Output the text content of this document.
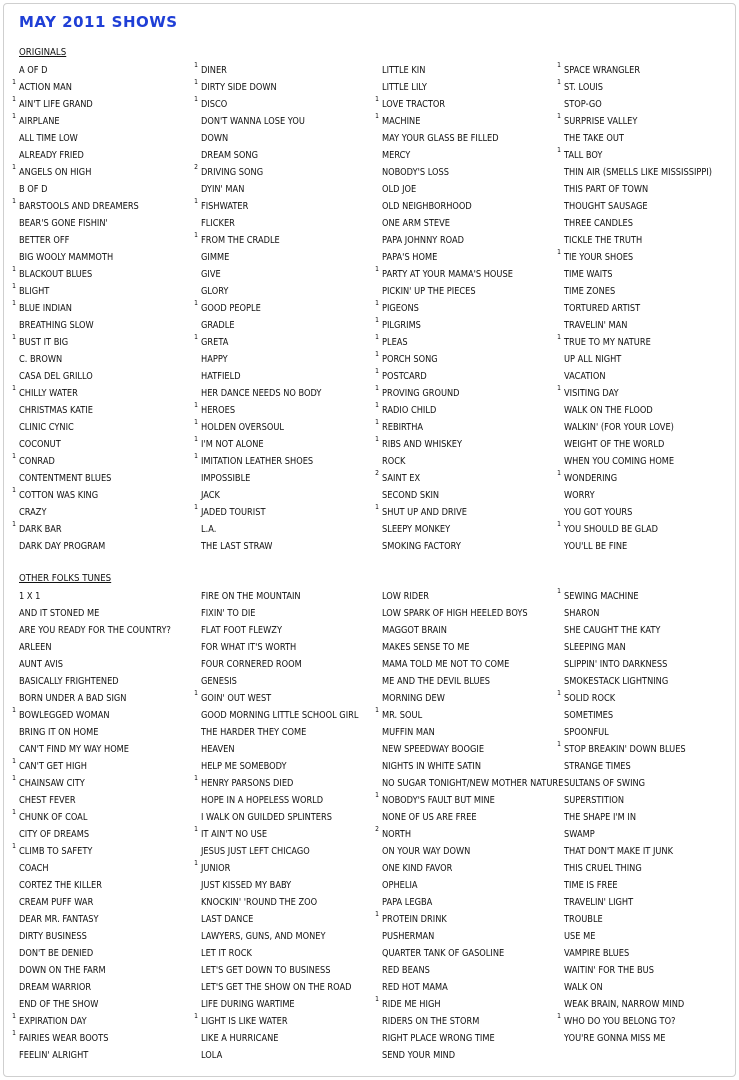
MAY 2011 SHOWS
ORIGINALS
A OF D
1 ACTION MAN
1 AIN'T LIFE GRAND
1 AIRPLANE
ALL TIME LOW
ALREADY FRIED
1 ANGELS ON HIGH
B OF D
1 BARSTOOLS AND DREAMERS
BEAR'S GONE FISHIN'
BETTER OFF
BIG WOOLY MAMMOTH
1 BLACKOUT BLUES
1 BLIGHT
1 BLUE INDIAN
BREATHING SLOW
1 BUST IT BIG
C. BROWN
CASA DEL GRILLO
1 CHILLY WATER
CHRISTMAS KATIE
CLINIC CYNIC
COCONUT
1 CONRAD
CONTENTMENT BLUES
1 COTTON WAS KING
CRAZY
1 DARK BAR
DARK DAY PROGRAM
1 DINER
1 DIRTY SIDE DOWN
1 DISCO
DON'T WANNA LOSE YOU
DOWN
DREAM SONG
2 DRIVING SONG
DYIN' MAN
1 FISHWATER
FLICKER
1 FROM THE CRADLE
GIMME
GIVE
GLORY
1 GOOD PEOPLE
GRADLE
1 GRETA
HAPPY
HATFIELD
HER DANCE NEEDS NO BODY
1 HEROES
1 HOLDEN OVERSOUL
1 I'M NOT ALONE
1 IMITATION LEATHER SHOES
IMPOSSIBLE
JACK
1 JADED TOURIST
L.A.
THE LAST STRAW
LITTLE KIN
LITTLE LILY
1 LOVE TRACTOR
1 MACHINE
MAY YOUR GLASS BE FILLED
MERCY
NOBODY'S LOSS
OLD JOE
OLD NEIGHBORHOOD
ONE ARM STEVE
PAPA JOHNNY ROAD
PAPA'S HOME
1 PARTY AT YOUR MAMA'S HOUSE
PICKIN' UP THE PIECES
1 PIGEONS
1 PILGRIMS
1 PLEAS
1 PORCH SONG
1 POSTCARD
1 PROVING GROUND
1 RADIO CHILD
1 REBIRTHA
1 RIBS AND WHISKEY
ROCK
2 SAINT EX
SECOND SKIN
1 SHUT UP AND DRIVE
SLEEPY MONKEY
SMOKING FACTORY
1 SPACE WRANGLER
1 ST. LOUIS
STOP-GO
1 SURPRISE VALLEY
THE TAKE OUT
1 TALL BOY
THIN AIR (SMELLS LIKE MISSISSIPPI)
THIS PART OF TOWN
THOUGHT SAUSAGE
THREE CANDLES
TICKLE THE TRUTH
1 TIE YOUR SHOES
TIME WAITS
TIME ZONES
TORTURED ARTIST
TRAVELIN' MAN
1 TRUE TO MY NATURE
UP ALL NIGHT
VACATION
1 VISITING DAY
WALK ON THE FLOOD
WALKIN' (FOR YOUR LOVE)
WEIGHT OF THE WORLD
WHEN YOU COMING HOME
1 WONDERING
WORRY
YOU GOT YOURS
1 YOU SHOULD BE GLAD
YOU'LL BE FINE
OTHER FOLKS TUNES
1 X 1
AND IT STONED ME
ARE YOU READY FOR THE COUNTRY?
ARLEEN
AUNT AVIS
BASICALLY FRIGHTENED
BORN UNDER A BAD SIGN
1 BOWLEGGED WOMAN
BRING IT ON HOME
CAN'T FIND MY WAY HOME
1 CAN'T GET HIGH
1 CHAINSAW CITY
CHEST FEVER
1 CHUNK OF COAL
CITY OF DREAMS
1 CLIMB TO SAFETY
COACH
CORTEZ THE KILLER
CREAM PUFF WAR
DEAR MR. FANTASY
DIRTY BUSINESS
DON'T BE DENIED
DOWN ON THE FARM
DREAM WARRIOR
END OF THE SHOW
1 EXPIRATION DAY
1 FAIRIES WEAR BOOTS
FEELIN' ALRIGHT
FIRE ON THE MOUNTAIN
FIXIN' TO DIE
FLAT FOOT FLEWZY
FOR WHAT IT'S WORTH
FOUR CORNERED ROOM
GENESIS
1 GOIN' OUT WEST
GOOD MORNING LITTLE SCHOOL GIRL
THE HARDER THEY COME
HEAVEN
HELP ME SOMEBODY
1 HENRY PARSONS DIED
HOPE IN A HOPELESS WORLD
I WALK ON GUILDED SPLINTERS
1 IT AIN'T NO USE
JESUS JUST LEFT CHICAGO
1 JUNIOR
JUST KISSED MY BABY
KNOCKIN' 'ROUND THE ZOO
LAST DANCE
LAWYERS, GUNS, AND MONEY
LET IT ROCK
LET'S GET DOWN TO BUSINESS
LET'S GET THE SHOW ON THE ROAD
LIFE DURING WARTIME
1 LIGHT IS LIKE WATER
LIKE A HURRICANE
LOLA
LOW RIDER
LOW SPARK OF HIGH HEELED BOYS
MAGGOT BRAIN
MAKES SENSE TO ME
MAMA TOLD ME NOT TO COME
ME AND THE DEVIL BLUES
MORNING DEW
1 MR. SOUL
MUFFIN MAN
NEW SPEEDWAY BOOGIE
NIGHTS IN WHITE SATIN
NO SUGAR TONIGHT/NEW MOTHER NATURE
1 NOBODY'S FAULT BUT MINE
NONE OF US ARE FREE
2 NORTH
ON YOUR WAY DOWN
ONE KIND FAVOR
OPHELIA
PAPA LEGBA
1 PROTEIN DRINK
PUSHERMAN
QUARTER TANK OF GASOLINE
RED BEANS
RED HOT MAMA
1 RIDE ME HIGH
RIDERS ON THE STORM
RIGHT PLACE WRONG TIME
SEND YOUR MIND
1 SEWING MACHINE
SHARON
SHE CAUGHT THE KATY
SLEEPING MAN
SLIPPIN' INTO DARKNESS
SMOKESTACK LIGHTNING
1 SOLID ROCK
SOMETIMES
SPOONFUL
1 STOP BREAKIN' DOWN BLUES
STRANGE TIMES
SULTANS OF SWING
SUPERSTITION
THE SHAPE I'M IN
SWAMP
THAT DON'T MAKE IT JUNK
THIS CRUEL THING
TIME IS FREE
TRAVELIN' LIGHT
TROUBLE
USE ME
VAMPIRE BLUES
WAITIN' FOR THE BUS
WALK ON
WEAK BRAIN, NARROW MIND
1 WHO DO YOU BELONG TO?
YOU'RE GONNA MISS ME
